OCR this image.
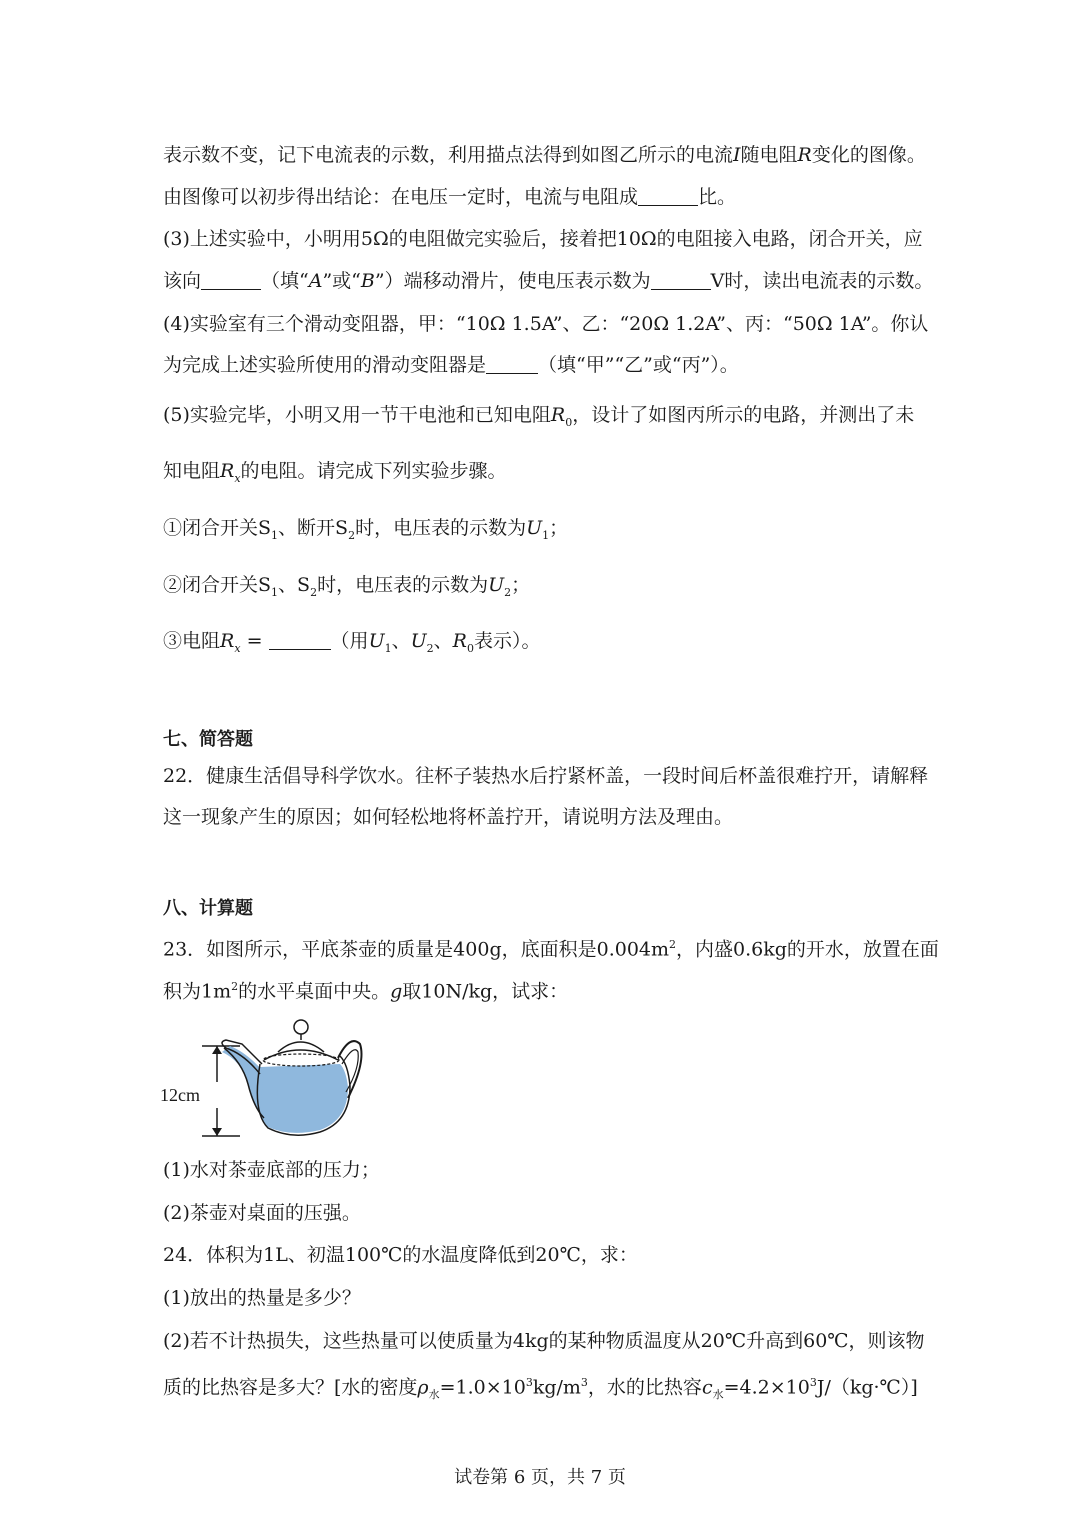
表示数不变，记下电流表的示数，利用描点法得到如图乙所示的电流I随电阻R变化的图像。
由图像可以初步得出结论：在电压一定时，电流与电阻成	比。
(3)上述实验中，小明用5Ω的电阻做完实验后，接着把10Ω的电阻接入电路，闭合开关，应
该向	（填“A”或“B”）端移动滑片，使电压表示数为	V时，读出电流表的示数。
(4)实验室有三个滑动变阻器，甲：“10Ω 1.5A”、乙：“20Ω 1.2A”、丙：“50Ω 1A”。你认
为完成上述实验所使用的滑动变阻器是	（填“甲”“乙”或“丙”）。
(5)实验完毕，小明又用一节干电池和已知电阻$R_0$，设计了如图丙所示的电路，并测出了未
知电阻$R_x$的电阻。请完成下列实验步骤。
①闭合开关$S_1$、断开$S_2$时，电压表的示数为$U_1$；
②闭合开关$S_1$、$S_2$时，电压表的示数为$U_2$；
③电阻$R_x$ =	（用$U_1$、$U_2$、$R_0$表示）。
七、简答题
22．健康生活倡导科学饮水。往杯子装热水后拧紧杯盖，一段时间后杯盖很难拧开，请解释
这一现象产生的原因；如何轻松地将杯盖拧开，请说明方法及理由。
八、计算题
23．如图所示，平底茶壶的质量是400g，底面积是$0.004m^2$，内盛0.6kg的开水，放置在面
积为$1m^2$的水平桌面中央。g取10N/kg，试求：
12cm
(1)水对茶壶底部的压力；
(2)茶壶对桌面的压强。
24．体积为1L、初温100℃的水温度降低到20℃，求：
(1)放出的热量是多少？
(2)若不计热损失，这些热量可以使质量为4kg的某种物质温度从20℃升高到60℃，则该物
质的比热容是多大？[水的密度$\rho_水=1.0\times 10^3kg/m^3$，水的比热容$c_水=4.2\times 10^3J/(kg\cdot℃)$]
试卷第 6 页，共 7 页
